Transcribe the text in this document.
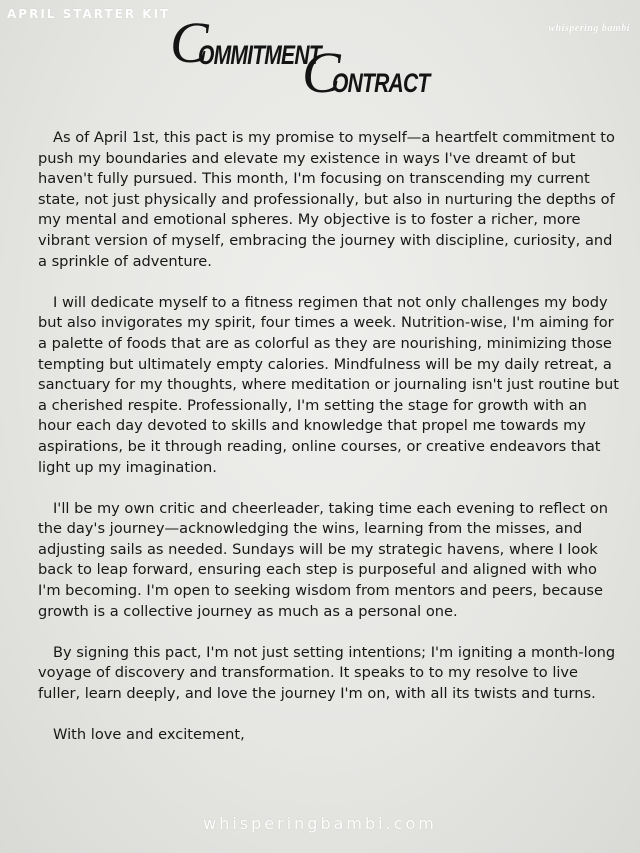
APRIL STARTER KIT
whispering bambi
C
OMMITMENT
C
ONTRACT

As of April 1st, this pact is my promise to myself—a heartfelt commitment to push my boundaries and elevate my existence in ways I've dreamt of but haven't fully pursued. This month, I'm focusing on transcending my current state, not just physically and professionally, but also in nurturing the depths of my mental and emotional spheres. My objective is to foster a richer, more vibrant version of myself, embracing the journey with discipline, curiosity, and a sprinkle of adventure.

I will dedicate myself to a fitness regimen that not only challenges my body but also invigorates my spirit, four times a week. Nutrition-wise, I'm aiming for a palette of foods that are as colorful as they are nourishing, minimizing those tempting but ultimately empty calories. Mindfulness will be my daily retreat, a sanctuary for my thoughts, where meditation or journaling isn't just routine but a cherished respite. Professionally, I'm setting the stage for growth with an hour each day devoted to skills and knowledge that propel me towards my aspirations, be it through reading, online courses, or creative endeavors that light up my imagination.

I'll be my own critic and cheerleader, taking time each evening to reflect on the day's journey—acknowledging the wins, learning from the misses, and adjusting sails as needed. Sundays will be my strategic havens, where I look back to leap forward, ensuring each step is purposeful and aligned with who I'm becoming. I'm open to seeking wisdom from mentors and peers, because growth is a collective journey as much as a personal one.

By signing this pact, I'm not just setting intentions; I'm igniting a month-long voyage of discovery and transformation. It speaks to to my resolve to live fuller, learn deeply, and love the journey I'm on, with all its twists and turns.

With love and excitement,

whisperingbambi.com
